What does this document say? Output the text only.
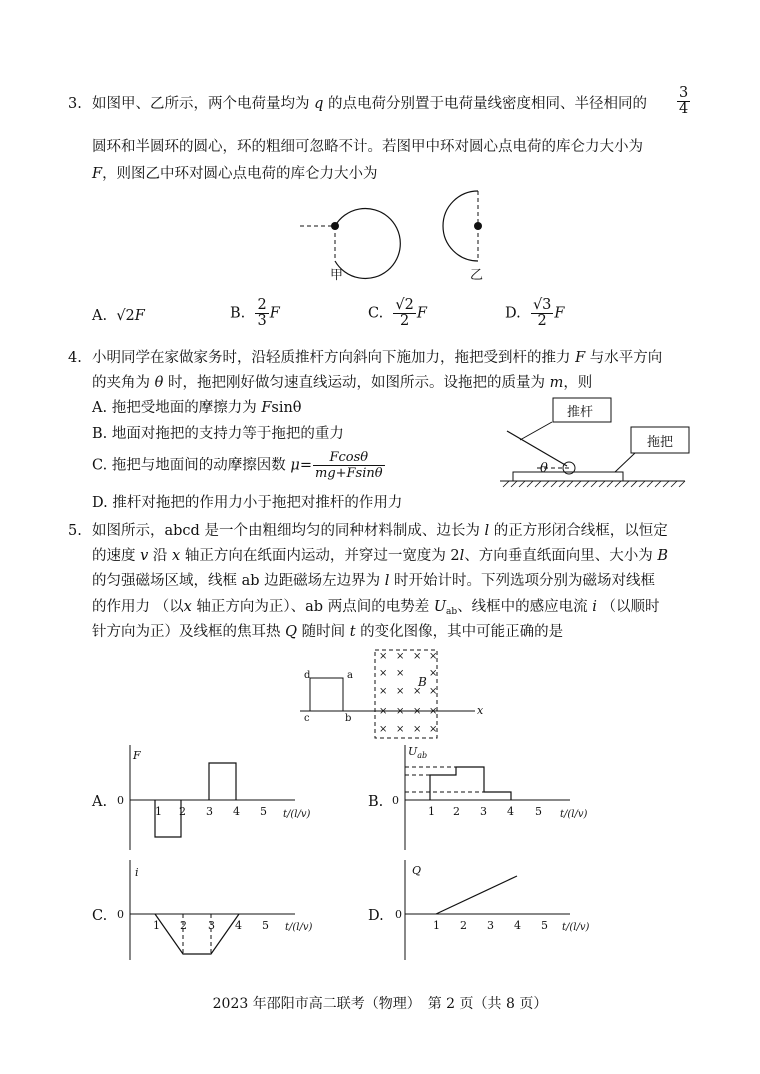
3. 如图甲、乙所示，两个电荷量均为 q 的点电荷分别置于电荷量线密度相同、半径相同的 $\frac{3}{4}$
圆环和半圆环的圆心，环的粗细可忽略不计。若图甲中环对圆心点电荷的库仑力大小为
F，则图乙中环对圆心点电荷的库仑力大小为
甲	乙
A. √2F	B. $\frac{2}{3}$ F	C. $\frac{√2}{2}$ F	D. $\frac{√3}{2}$ F
4. 小明同学在家做家务时，沿轻质推杆方向斜向下施加力，拖把受到杆的推力 F 与水平方向
的夹角为 θ 时，拖把刚好做匀速直线运动，如图所示。设拖把的质量为 m，则
A. 拖把受地面的摩擦力为 Fsinθ
B. 地面对拖把的支持力等于拖把的重力
C. 拖把与地面间的动摩擦因数 $\mu= \frac{Fcos\theta}{mg+Fsin\theta}$
D. 推杆对拖把的作用力小于拖把对推杆的作用力
推杆
拖把
θ
5. 如图所示，abcd 是一个由粗细均匀的同种材料制成、边长为 l 的正方形闭合线框，以恒定
的速度 v 沿 x 轴正方向在纸面内运动，并穿过一宽度为 2l、方向垂直纸面向里、大小为 B
的匀强磁场区域，线框 ab 边距磁场左边界为 l 时开始计时。下列选项分别为磁场对线框
的作用力 （以x 轴正方向为正）、ab 两点间的电势差 $U_{ab}$、线框中的感应电流 i （以顺时
针方向为正）及线框的焦耳热 Q 随时间 t 的变化图像，其中可能正确的是
× × × ×
× × ×
× × × ×
× × × ×
× × × ×
d	a
c	b
B
x
A.
F
0
1 2 3 4 5 t/(l/v)
B.
$U_{ab}$
0
1 2 3 4 5 t/(l/v)
C.
i
0
1 2 3 4 5 t/(l/v)
D.
Q
0
1 2 3 4 5 t/(l/v)
2023 年邵阳市高二联考（物理）　第 2 页（共 8 页）
